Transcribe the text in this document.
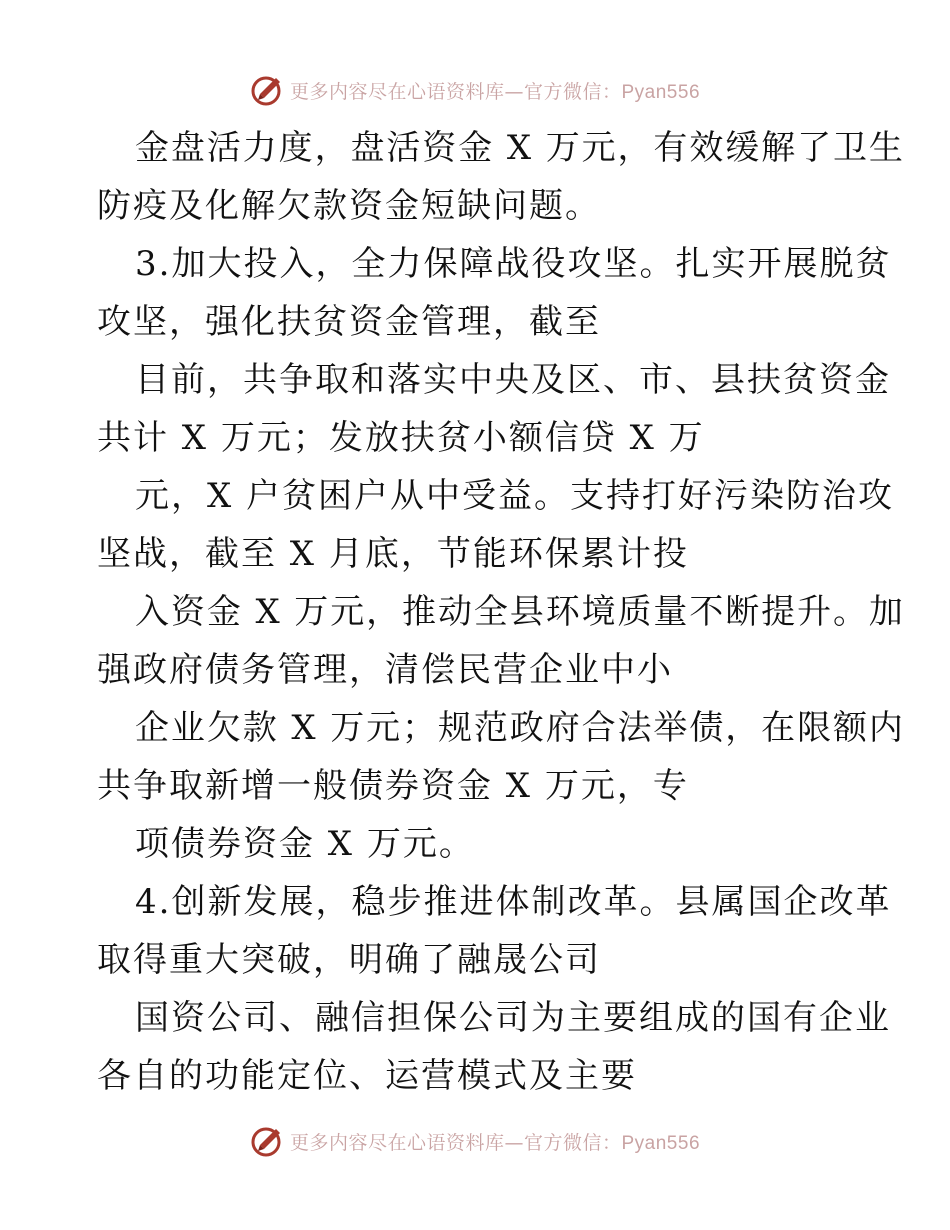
更多内容尽在心语资料库—官方微信：Pyan556
金盘活力度，盘活资金 X 万元，有效缓解了卫生
防疫及化解欠款资金短缺问题。
3.加大投入，全力保障战役攻坚。扎实开展脱贫
攻坚，强化扶贫资金管理，截至
目前，共争取和落实中央及区、市、县扶贫资金
共计 X 万元；发放扶贫小额信贷 X 万
元，X 户贫困户从中受益。支持打好污染防治攻
坚战，截至 X 月底，节能环保累计投
入资金 X 万元，推动全县环境质量不断提升。加
强政府债务管理，清偿民营企业中小
企业欠款 X 万元；规范政府合法举债，在限额内
共争取新增一般债券资金 X 万元，专
项债券资金 X 万元。
4.创新发展，稳步推进体制改革。县属国企改革
取得重大突破，明确了融晟公司
国资公司、融信担保公司为主要组成的国有企业
各自的功能定位、运营模式及主要
更多内容尽在心语资料库—官方微信：Pyan556
